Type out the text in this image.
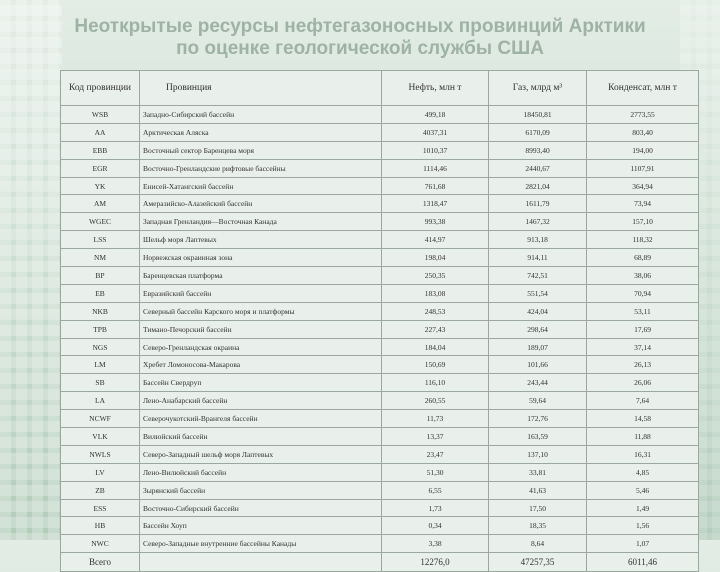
Неоткрытые ресурсы нефтегазоносных провинций Арктики
по оценке геологической службы США
Код провинции	Провинция	Нефть, млн т	Газ, млрд м³	Конденсат, млн т
WSB	Западно-Сибирский бассейн	499,18	18450,81	2773,55
AA	Арктическая Аляска	4037,31	6170,09	803,40
EBB	Восточный сектор Баренцева моря	1010,37	8993,40	194,00
EGR	Восточно-Гренландские рифтовые бассейны	1114,46	2440,67	1107,91
YK	Енисей-Хатангский бассейн	761,68	2821,04	364,94
AM	Амеразийско-Алазейский бассейн	1318,47	1611,79	73,94
WGEC	Западная Гренландия—Восточная Канада	993,38	1467,32	157,10
LSS	Шельф моря Лаптевых	414,97	913,18	118,32
NM	Норвежская окраинная зона	198,04	914,11	68,89
BP	Баренцевская платформа	250,35	742,51	38,06
EB	Евразийский бассейн	183,08	551,54	70,94
NKB	Северный бассейн Карского моря и платформы	248,53	424,04	53,11
TPB	Тимано-Печорский бассейн	227,43	298,64	17,69
NGS	Северо-Гренландская окраина	184,04	189,07	37,14
LM	Хребет Ломоносова-Макарова	150,69	101,66	26,13
SB	Бассейн Свердруп	116,10	243,44	26,06
LA	Лено-Анабарский бассейн	260,55	59,64	7,64
NCWF	Северочукотский-Врангеля бассейн	11,73	172,76	14,58
VLK	Вилюйский бассейн	13,37	163,59	11,88
NWLS	Северо-Западный шельф моря Лаптевых	23,47	137,10	16,31
LV	Лено-Вилюйский бассейн	51,30	33,81	4,85
ZB	Зырянский бассейн	6,55	41,63	5,46
ESS	Восточно-Сибирский бассейн	1,73	17,50	1,49
HB	Бассейн Хоуп	0,34	18,35	1,56
NWC	Северо-Западные внутренние бассейны Канады	3,38	8,64	1,07
Всего		12276,0	47257,35	6011,46
